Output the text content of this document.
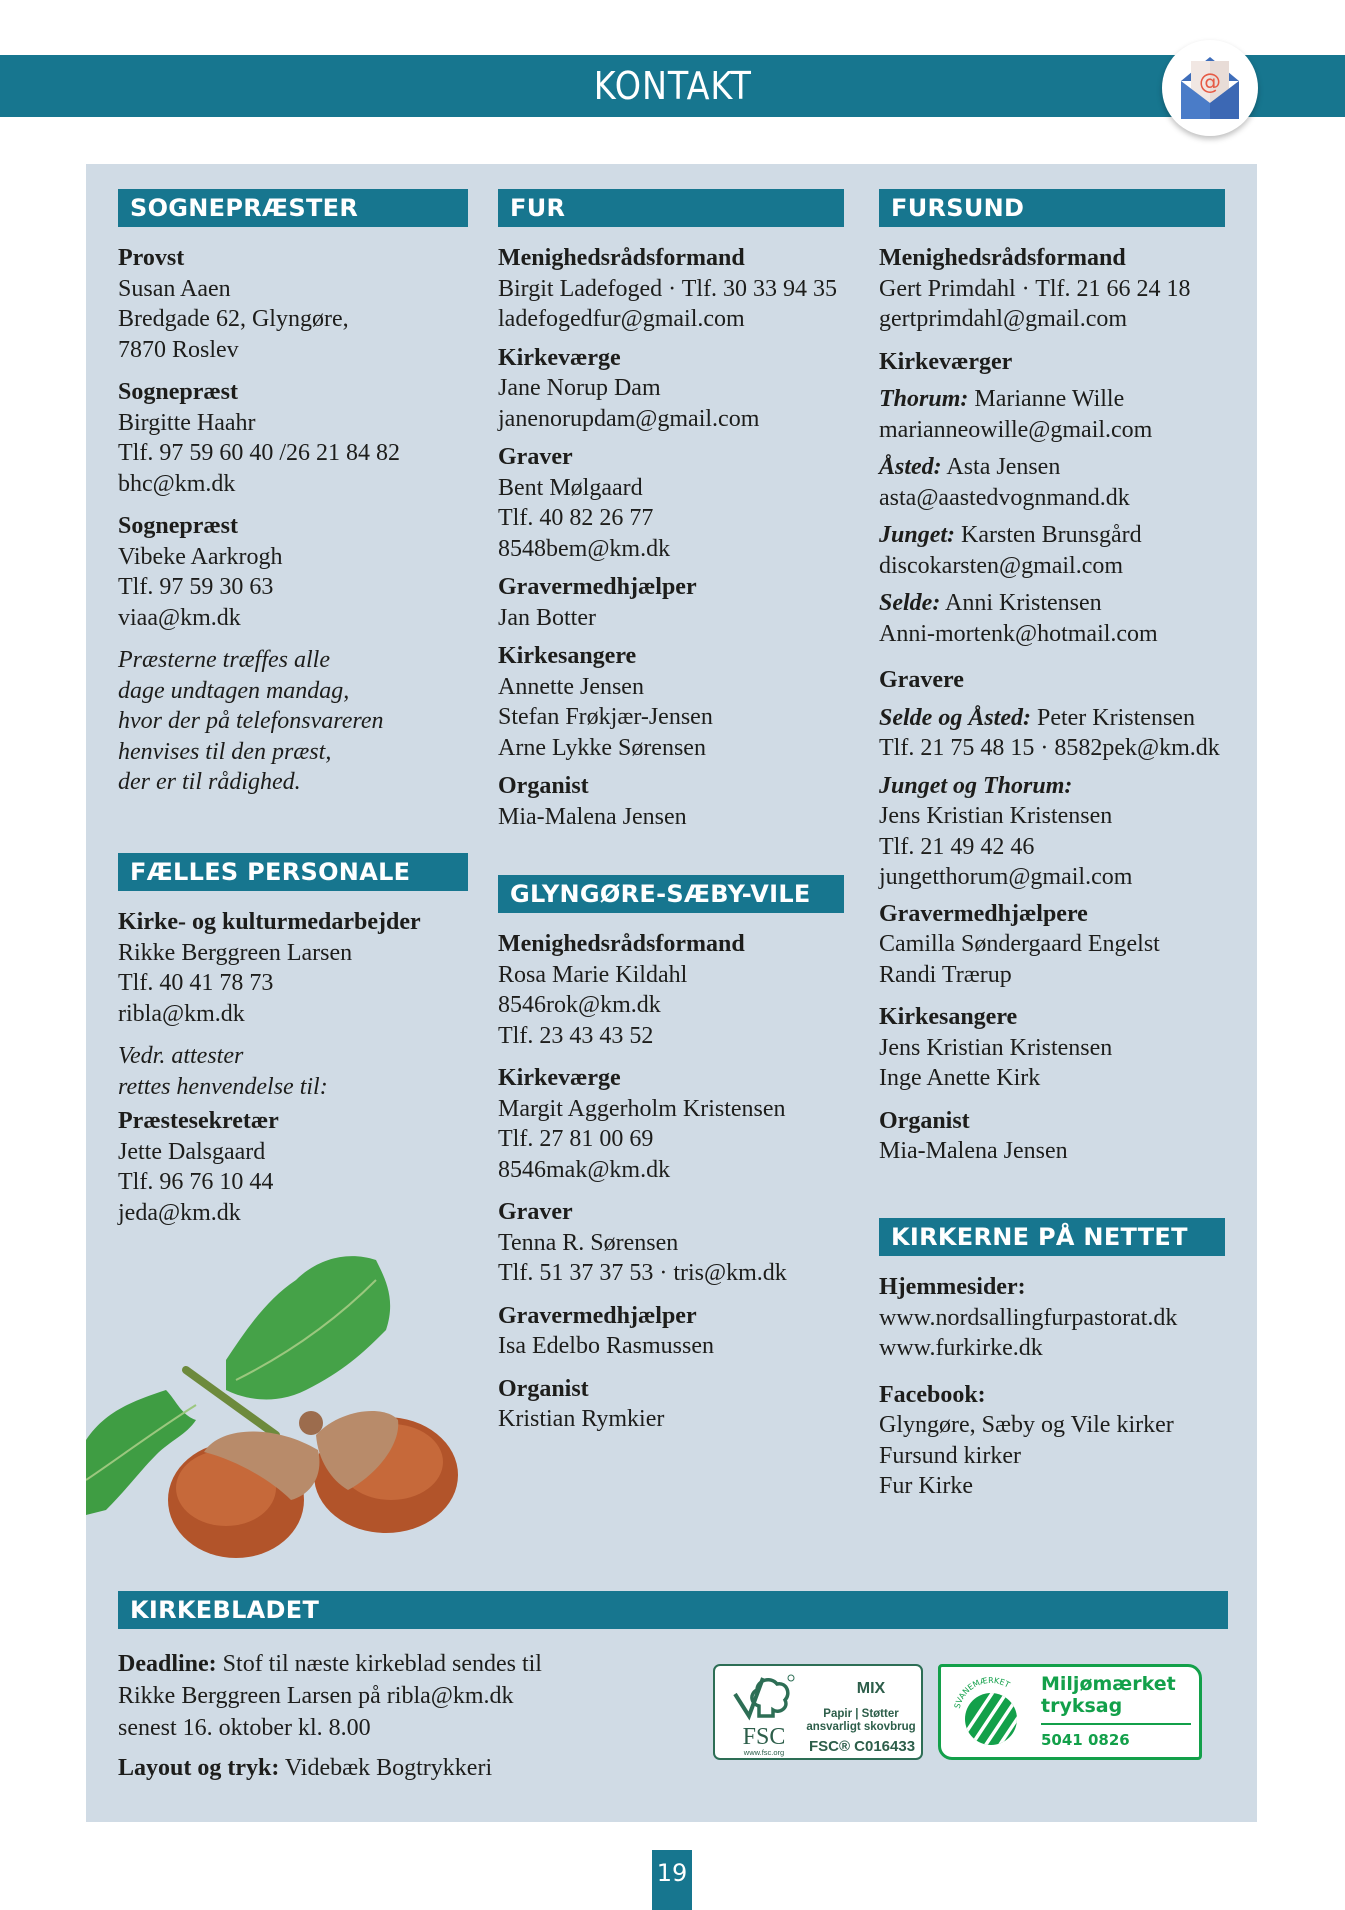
KONTAKT	@
SOGNEPRÆSTER
Provst
Susan Aaen
Bredgade 62, Glyngøre,
7870 Roslev
Sognepræst
Birgitte Haahr
Tlf. 97 59 60 40 /26 21 84 82
bhc@km.dk
Sognepræst
Vibeke Aarkrogh
Tlf. 97 59 30 63
viaa@km.dk
Præsterne træffes alle
dage undtagen mandag,
hvor der på telefonsvareren
henvises til den præst,
der er til rådighed.
FÆLLES PERSONALE
Kirke- og kulturmedarbejder
Rikke Berggreen Larsen
Tlf. 40 41 78 73
ribla@km.dk
Vedr. attester
rettes henvendelse til:
Præstesekretær
Jette Dalsgaard
Tlf. 96 76 10 44
jeda@km.dk
FUR
Menighedsrådsformand
Birgit Ladefoged · Tlf. 30 33 94 35
ladefogedfur@gmail.com
Kirkeværge
Jane Norup Dam
janenorupdam@gmail.com
Graver
Bent Mølgaard
Tlf. 40 82 26 77
8548bem@km.dk
Gravermedhjælper
Jan Botter
Kirkesangere
Annette Jensen
Stefan Frøkjær-Jensen
Arne Lykke Sørensen
Organist
Mia-Malena Jensen
GLYNGØRE-SÆBY-VILE
Menighedsrådsformand
Rosa Marie Kildahl
8546rok@km.dk
Tlf. 23 43 43 52
Kirkeværge
Margit Aggerholm Kristensen
Tlf. 27 81 00 69
8546mak@km.dk
Graver
Tenna R. Sørensen
Tlf. 51 37 37 53 · tris@km.dk
Gravermedhjælper
Isa Edelbo Rasmussen
Organist
Kristian Rymkier
FURSUND
Menighedsrådsformand
Gert Primdahl · Tlf. 21 66 24 18
gertprimdahl@gmail.com
Kirkeværger
Thorum: Marianne Wille
marianneowille@gmail.com
Åsted: Asta Jensen
asta@aastedvognmand.dk
Junget: Karsten Brunsgård
discokarsten@gmail.com
Selde: Anni Kristensen
Anni-mortenk@hotmail.com
Gravere
Selde og Åsted: Peter Kristensen
Tlf. 21 75 48 15 · 8582pek@km.dk
Junget og Thorum:
Jens Kristian Kristensen
Tlf. 21 49 42 46
jungetthorum@gmail.com
Gravermedhjælpere
Camilla Søndergaard Engelst
Randi Trærup
Kirkesangere
Jens Kristian Kristensen
Inge Anette Kirk
Organist
Mia-Malena Jensen
KIRKERNE PÅ NETTET
Hjemmesider:
www.nordsallingfurpastorat.dk
www.furkirke.dk
Facebook:
Glyngøre, Sæby og Vile kirker
Fursund kirker
Fur Kirke
KIRKEBLADET
Deadline: Stof til næste kirkeblad sendes til
Rikke Berggreen Larsen på ribla@km.dk
senest 16. oktober kl. 8.00
Layout og tryk: Videbæk Bogtrykkeri
FSC
www.fsc.org
MIX
Papir | Støtter
ansvarligt skovbrug
FSC® C016433
SVANEMÆRKET Miljømærket
tryksag
5041 0826
19
